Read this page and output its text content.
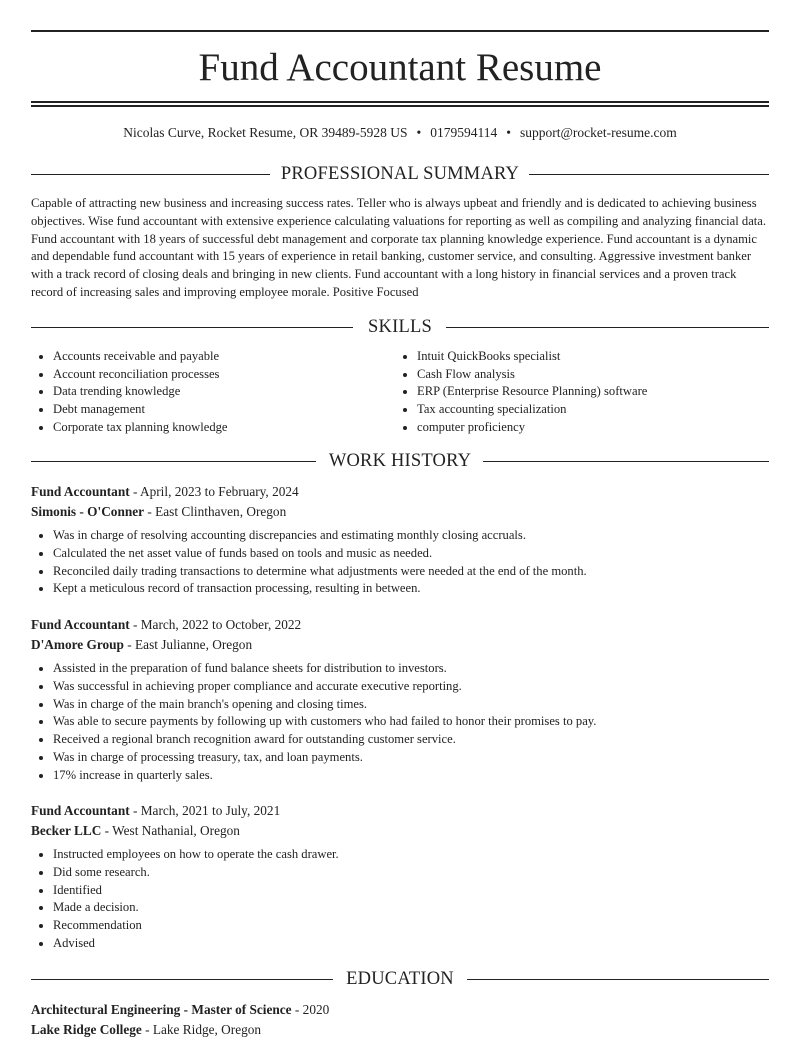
Fund Accountant Resume
Nicolas Curve, Rocket Resume, OR 39489-5928 US • 0179594114 • support@rocket-resume.com
PROFESSIONAL SUMMARY
Capable of attracting new business and increasing success rates. Teller who is always upbeat and friendly and is dedicated to achieving business objectives. Wise fund accountant with extensive experience calculating valuations for reporting as well as compiling and analyzing financial data. Fund accountant with 18 years of successful debt management and corporate tax planning knowledge experience. Fund accountant is a dynamic and dependable fund accountant with 15 years of experience in retail banking, customer service, and consulting. Aggressive investment banker with a track record of closing deals and bringing in new clients. Fund accountant with a long history in financial services and a proven track record of increasing sales and improving employee morale. Positive Focused
SKILLS
• Accounts receivable and payable
• Account reconciliation processes
• Data trending knowledge
• Debt management
• Corporate tax planning knowledge
• Intuit QuickBooks specialist
• Cash Flow analysis
• ERP (Enterprise Resource Planning) software
• Tax accounting specialization
• computer proficiency
WORK HISTORY
Fund Accountant - April, 2023 to February, 2024
Simonis - O'Conner - East Clinthaven, Oregon
• Was in charge of resolving accounting discrepancies and estimating monthly closing accruals.
• Calculated the net asset value of funds based on tools and music as needed.
• Reconciled daily trading transactions to determine what adjustments were needed at the end of the month.
• Kept a meticulous record of transaction processing, resulting in between.
Fund Accountant - March, 2022 to October, 2022
D'Amore Group - East Julianne, Oregon
• Assisted in the preparation of fund balance sheets for distribution to investors.
• Was successful in achieving proper compliance and accurate executive reporting.
• Was in charge of the main branch's opening and closing times.
• Was able to secure payments by following up with customers who had failed to honor their promises to pay.
• Received a regional branch recognition award for outstanding customer service.
• Was in charge of processing treasury, tax, and loan payments.
• 17% increase in quarterly sales.
Fund Accountant - March, 2021 to July, 2021
Becker LLC - West Nathanial, Oregon
• Instructed employees on how to operate the cash drawer.
• Did some research.
• Identified
• Made a decision.
• Recommendation
• Advised
EDUCATION
Architectural Engineering - Master of Science - 2020
Lake Ridge College - Lake Ridge, Oregon
